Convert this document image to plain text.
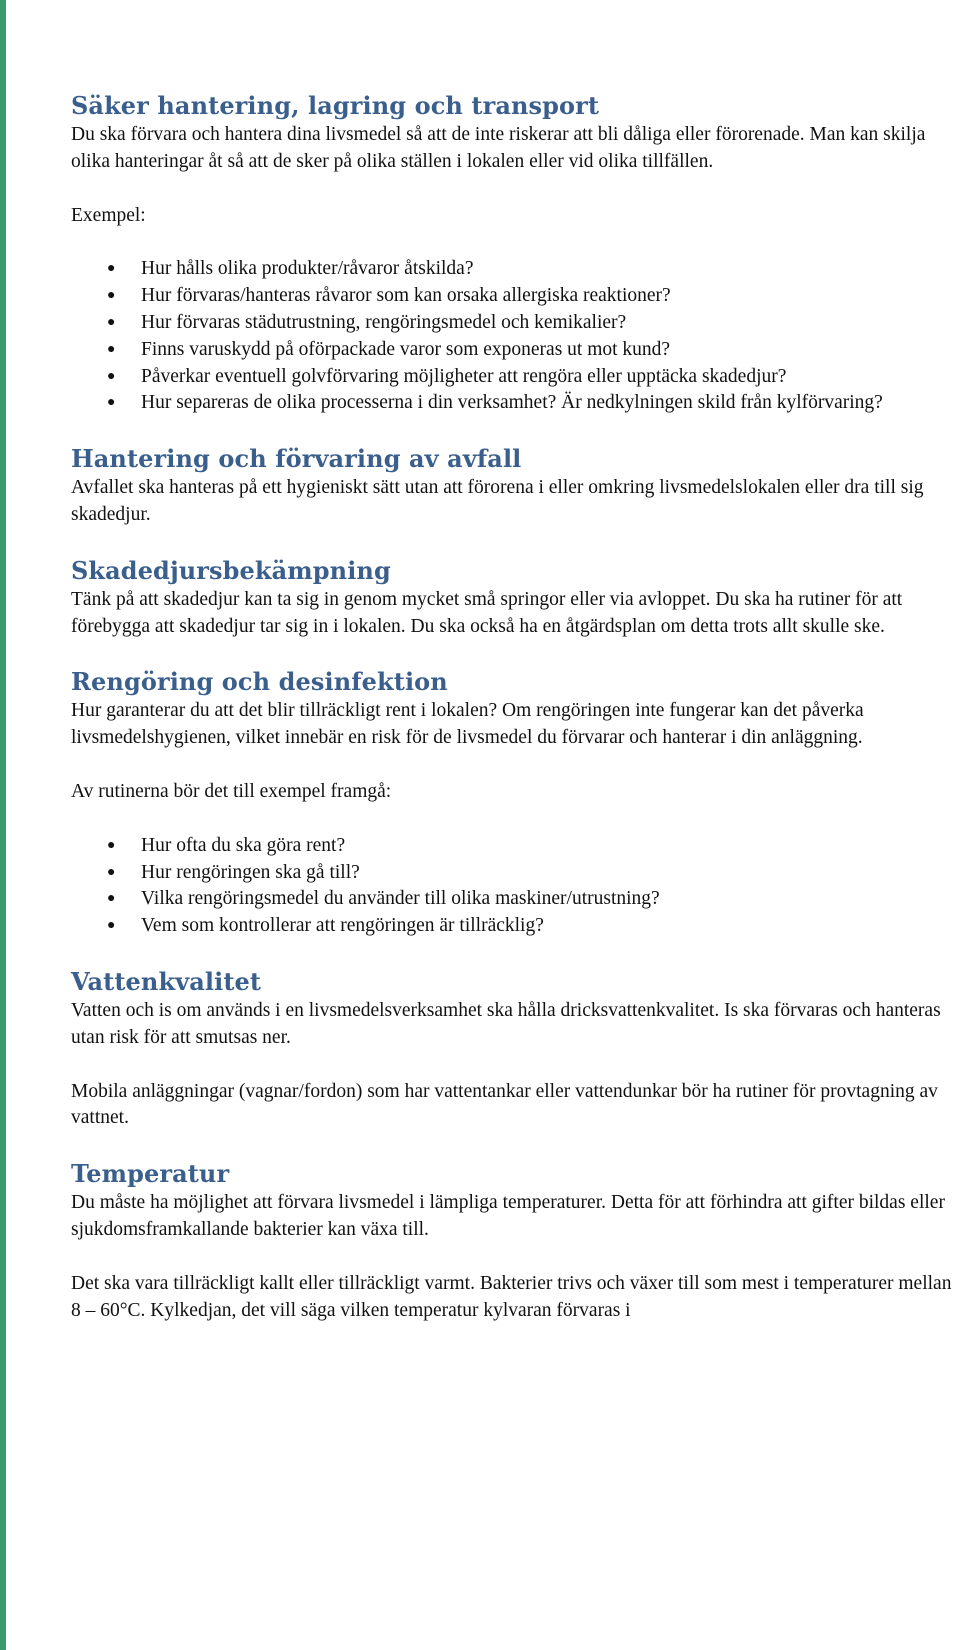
Säker hantering, lagring och transport

Du ska förvara och hantera dina livsmedel så att de inte riskerar att bli dåliga eller förorenade. Man kan skilja olika hanteringar åt så att de sker på olika ställen i lokalen eller vid olika tillfällen.

Exempel:

● Hur hålls olika produkter/råvaror åtskilda?
● Hur förvaras/hanteras råvaror som kan orsaka allergiska reaktioner?
● Hur förvaras städutrustning, rengöringsmedel och kemikalier?
● Finns varuskydd på oförpackade varor som exponeras ut mot kund?
● Påverkar eventuell golvförvaring möjligheter att rengöra eller upptäcka skadedjur?
● Hur separeras de olika processerna i din verksamhet? Är nedkylningen skild från kylförvaring?
Hantering och förvaring av avfall

Avfallet ska hanteras på ett hygieniskt sätt utan att förorena i eller omkring livsmedelslokalen eller dra till sig skadedjur.

Skadedjursbekämpning

Tänk på att skadedjur kan ta sig in genom mycket små springor eller via avloppet. Du ska ha rutiner för att förebygga att skadedjur tar sig in i lokalen. Du ska också ha en åtgärdsplan om detta trots allt skulle ske.

Rengöring och desinfektion

Hur garanterar du att det blir tillräckligt rent i lokalen? Om rengöringen inte fungerar kan det påverka livsmedelshygienen, vilket innebär en risk för de livsmedel du förvarar och hanterar i din anläggning.

Av rutinerna bör det till exempel framgå:

● Hur ofta du ska göra rent?
● Hur rengöringen ska gå till?
● Vilka rengöringsmedel du använder till olika maskiner/utrustning?
● Vem som kontrollerar att rengöringen är tillräcklig?
Vattenkvalitet

Vatten och is om används i en livsmedelsverksamhet ska hålla dricksvattenkvalitet. Is ska förvaras och hanteras utan risk för att smutsas ner.

Mobila anläggningar (vagnar/fordon) som har vattentankar eller vattendunkar bör ha rutiner för provtagning av vattnet.

Temperatur

Du måste ha möjlighet att förvara livsmedel i lämpliga temperaturer. Detta för att förhindra att gifter bildas eller sjukdomsframkallande bakterier kan växa till.

Det ska vara tillräckligt kallt eller tillräckligt varmt. Bakterier trivs och växer till som mest i temperaturer mellan 8 – 60°C. Kylkedjan, det vill säga vilken temperatur kylvaran förvaras i
